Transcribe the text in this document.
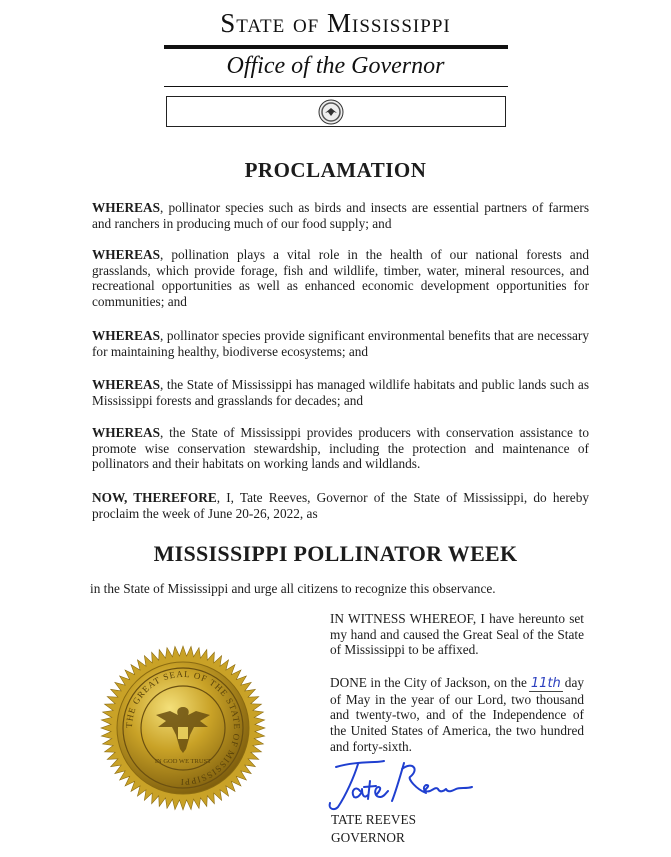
State of Mississippi
Office of the Governor
PROCLAMATION

WHEREAS, pollinator species such as birds and insects are essential partners of farmers and ranchers in producing much of our food supply; and

WHEREAS, pollination plays a vital role in the health of our national forests and grasslands, which provide forage, fish and wildlife, timber, water, mineral resources, and recreational opportunities as well as enhanced economic development opportunities for communities; and

WHEREAS, pollinator species provide significant environmental benefits that are necessary for maintaining healthy, biodiverse ecosystems; and

WHEREAS, the State of Mississippi has managed wildlife habitats and public lands such as Mississippi forests and grasslands for decades; and

WHEREAS, the State of Mississippi provides producers with conservation assistance to promote wise conservation stewardship, including the protection and maintenance of pollinators and their habitats on working lands and wildlands.

NOW, THEREFORE, I, Tate Reeves, Governor of the State of Mississippi, do hereby proclaim the week of June 20-26, 2022, as

MISSISSIPPI POLLINATOR WEEK
in the State of Mississippi and urge all citizens to recognize this observance.

IN WITNESS WHEREOF, I have hereunto set my hand and caused the Great Seal of the State of Mississippi to be affixed.

DONE in the City of Jackson, on the 11th day of May in the year of our Lord, two thousand and twenty-two, and of the Independence of the United States of America, the two hundred and forty-sixth.

THE GREAT SEAL OF THE STATE OF MISSISSIPPI
IN GOD WE TRUST
TATE REEVES
GOVERNOR
